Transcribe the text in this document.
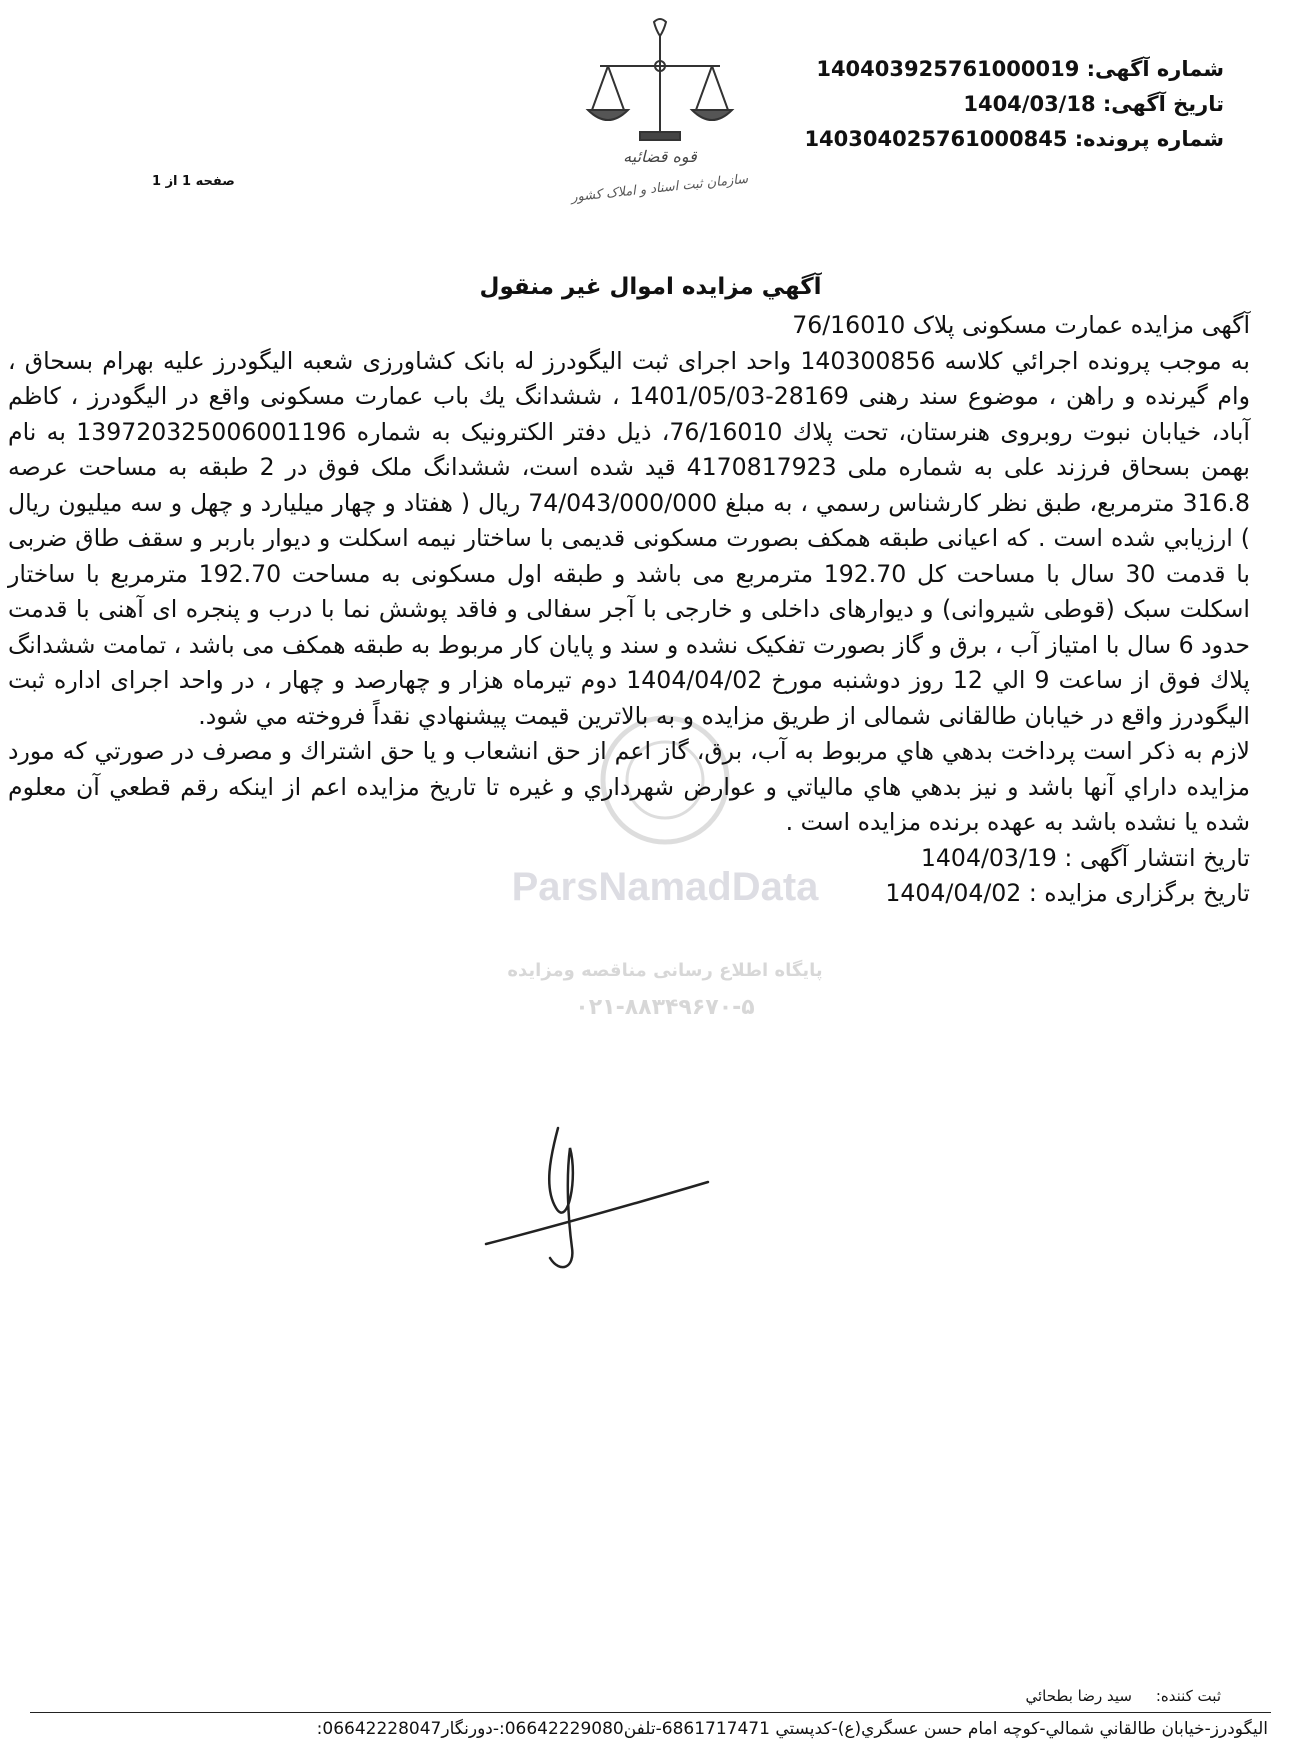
شماره آگهی: 140403925761000019
تاریخ آگهی: 1404/03/18
شماره پرونده: 140304025761000845
صفحه 1 از 1
قوه قضائیه
سازمان ثبت اسناد و املاک کشور
ParsNamadData
پایگاه اطلاع رسانی مناقصه ومزایده
۰۲۱-۸۸۳۴۹۶۷۰-۵
آگهي مزايده اموال غير منقول

آگهی مزایده عمارت مسکونی پلاک 76/16010

به موجب پرونده اجرائي كلاسه 140300856 واحد اجرای ثبت الیگودرز له بانک کشاورزی شعبه الیگودرز علیه بهرام بسحاق ، وام گیرنده و راهن ، موضوع سند رهنی 28169-1401/05/03 ، ششدانگ يك باب عمارت مسکونی واقع در الیگودرز ، کاظم آباد، خیابان نبوت روبروی هنرستان، تحت پلاك 76/16010، ذیل دفتر الکترونیک به شماره 139720325006001196 به نام بهمن بسحاق فرزند علی به شماره ملی 4170817923 قید شده است، ششدانگ ملک فوق در 2 طبقه به مساحت عرصه 316.8 مترمربع، طبق نظر كارشناس رسمي ، به مبلغ 74/043/000/000 ريال ( هفتاد و چهار میلیارد و چهل و سه میلیون ریال ) ارزيابي شده است . که اعیانی طبقه همکف بصورت مسکونی قدیمی با ساختار نیمه اسکلت و دیوار باربر و سقف طاق ضربی با قدمت 30 سال با مساحت کل 192.70 مترمربع می باشد و طبقه اول مسکونی به مساحت 192.70 مترمربع با ساختار اسکلت سبک (قوطی شیروانی) و دیوارهای داخلی و خارجی با آجر سفالی و فاقد پوشش نما با درب و پنجره ای آهنی با قدمت حدود 6 سال با امتیاز آب ، برق و گاز بصورت تفکیک نشده و سند و پایان کار مربوط به طبقه همکف می باشد ، تمامت ششدانگ پلاك فوق از ساعت 9 الي 12 روز دوشنبه مورخ 1404/04/02 دوم تیرماه هزار و چهارصد و چهار ، در واحد اجرای اداره ثبت الیگودرز واقع در خیابان طالقانی شمالی از طريق مزايده و به بالاترين قيمت پيشنهادي نقداً فروخته مي شود.

لازم به ذكر است پرداخت بدهي هاي مربوط به آب، برق، گاز اعم از حق انشعاب و يا حق اشتراك و مصرف در صورتي كه مورد مزايده داراي آنها باشد و نيز بدهي هاي مالياتي و عوارض شهرداري و غيره تا تاريخ مزايده اعم از اينكه رقم قطعي آن معلوم شده يا نشده باشد به عهده برنده مزايده است .

تاریخ انتشار آگهی : 1404/03/19

تاریخ برگزاری مزایده : 1404/04/02

ثبت کننده:     سيد رضا بطحائي
اليگودرز-خيابان طالقاني شمالي-كوچه امام حسن عسگري(ع)-كدپستي 6861717471-تلفن06642229080:-دورنگار06642228047:
